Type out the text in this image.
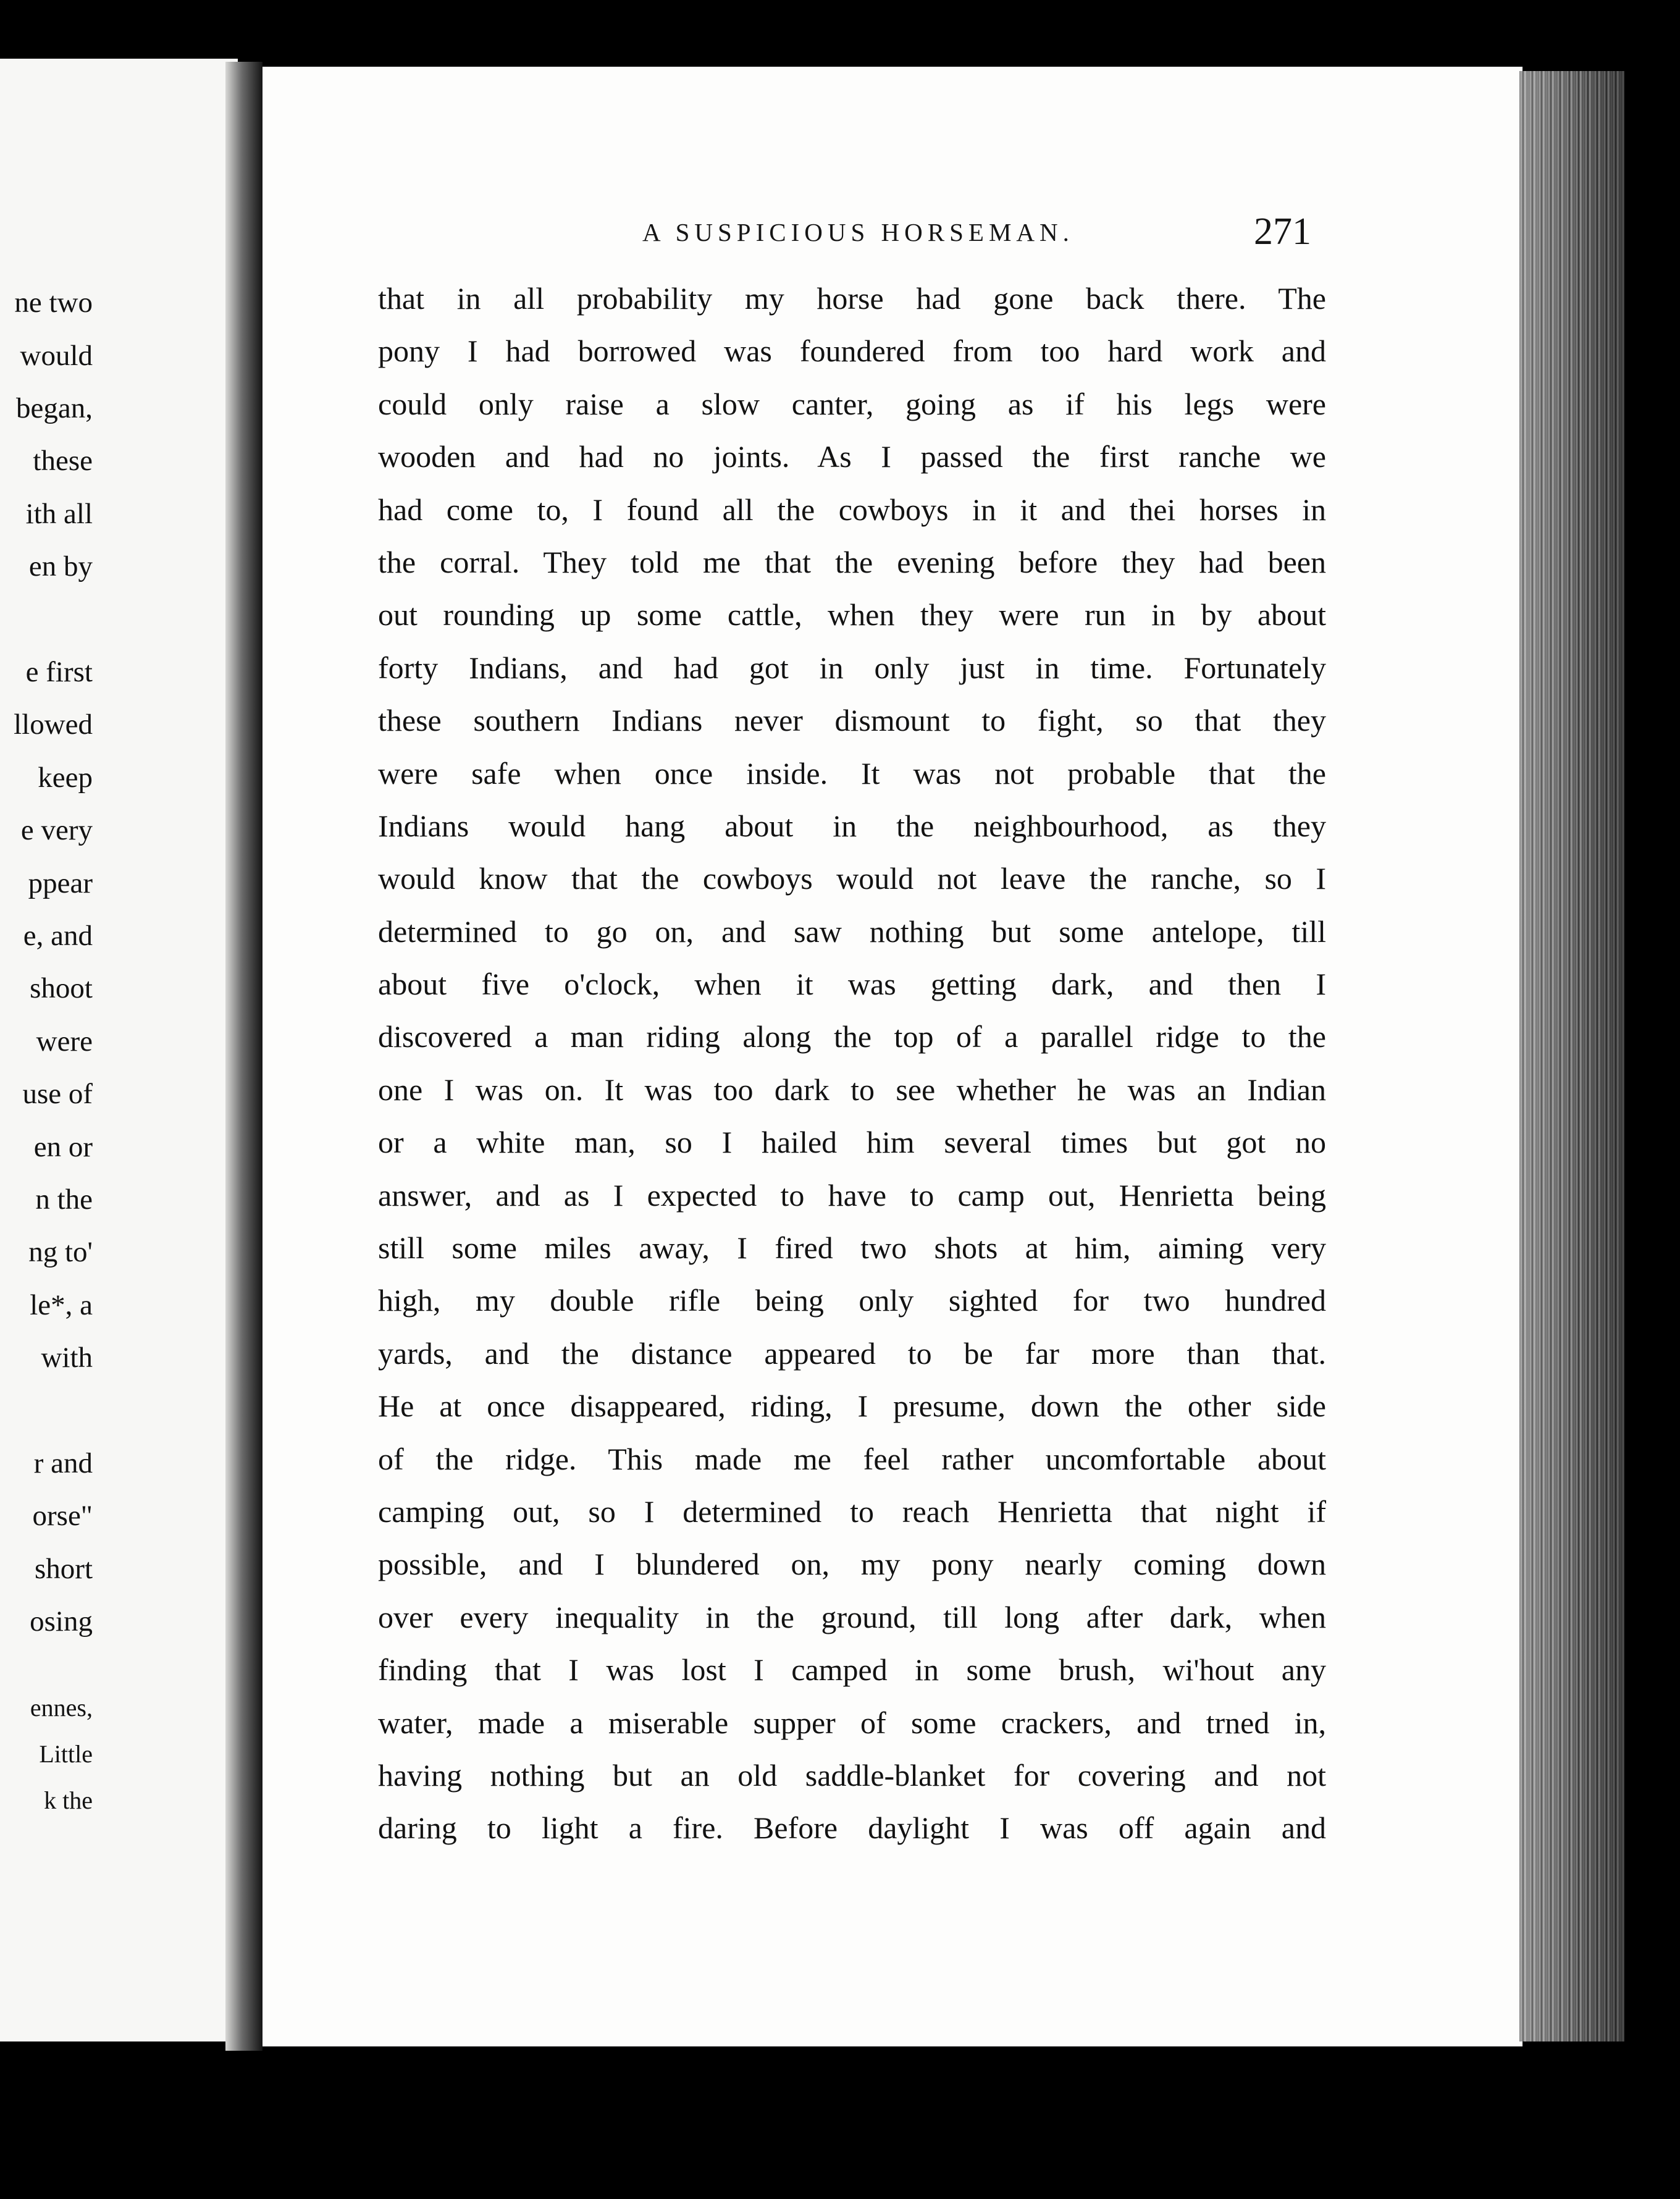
ne two
would
began,
these
ith all
en by
e first
llowed
keep
e very
ppear
e, and
shoot
were
use of
en or
n the
ng to'
le*, a
with
r and
orse"
short
osing
ennes,
Little
k the
A SUSPICIOUS HORSEMAN.	271
that in all probability my horse had gone back there. The
pony I had borrowed was foundered from too hard work and
could only raise a slow canter, going as if his legs were
wooden and had no joints. As I passed the first ranche we
had come to, I found all the cowboys in it and thei horses in
the corral. They told me that the evening before they had been
out rounding up some cattle, when they were run in by about
forty Indians, and had got in only just in time. Fortunately
these southern Indians never dismount to fight, so that they
were safe when once inside. It was not probable that the
Indians would hang about in the neighbourhood, as they
would know that the cowboys would not leave the ranche, so I
determined to go on, and saw nothing but some antelope, till
about five o'clock, when it was getting dark, and then I
discovered a man riding along the top of a parallel ridge to the
one I was on. It was too dark to see whether he was an Indian
or a white man, so I hailed him several times but got no
answer, and as I expected to have to camp out, Henrietta being
still some miles away, I fired two shots at him, aiming very
high, my double rifle being only sighted for two hundred
yards, and the distance appeared to be far more than that.
He at once disappeared, riding, I presume, down the other side
of the ridge. This made me feel rather uncomfortable about
camping out, so I determined to reach Henrietta that night if
possible, and I blundered on, my pony nearly coming down
over every inequality in the ground, till long after dark, when
finding that I was lost I camped in some brush, wi'hout any
water, made a miserable supper of some crackers, and trned in,
having nothing but an old saddle-blanket for covering and not
daring to light a fire. Before daylight I was off again and
